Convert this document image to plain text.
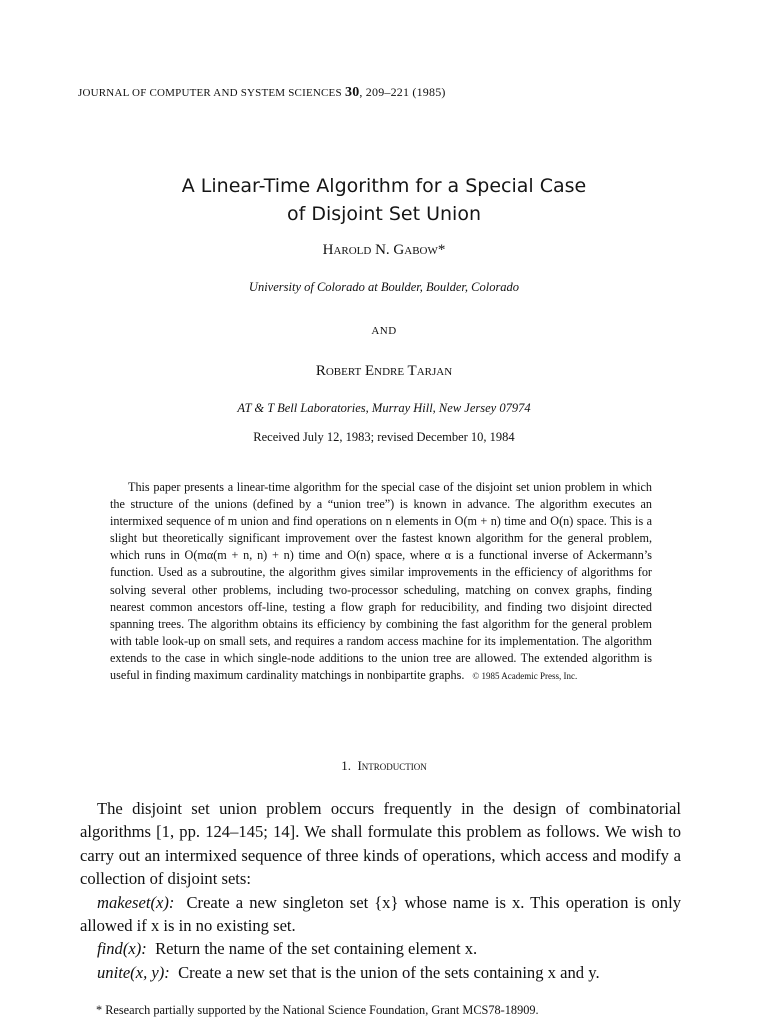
JOURNAL OF COMPUTER AND SYSTEM SCIENCES 30, 209–221 (1985)
A Linear-Time Algorithm for a Special Case
of Disjoint Set Union
Harold N. Gabow*
University of Colorado at Boulder, Boulder, Colorado
AND
Robert Endre Tarjan
AT & T Bell Laboratories, Murray Hill, New Jersey 07974
Received July 12, 1983; revised December 10, 1984

This paper presents a linear-time algorithm for the special case of the disjoint set union problem in which the structure of the unions (defined by a “union tree”) is known in advance. The algorithm executes an intermixed sequence of m union and find operations on n elements in O(m + n) time and O(n) space. This is a slight but theoretically significant improvement over the fastest known algorithm for the general problem, which runs in O(mα(m + n, n) + n) time and O(n) space, where α is a functional inverse of Ackermann’s function. Used as a subroutine, the algorithm gives similar improvements in the efficiency of algorithms for solving several other problems, including two-processor scheduling, matching on convex graphs, finding nearest common ancestors off-line, testing a flow graph for reducibility, and finding two disjoint directed spanning trees. The algorithm obtains its efficiency by combining the fast algorithm for the general problem with table look-up on small sets, and requires a random access machine for its implementation. The algorithm extends to the case in which single-node additions to the union tree are allowed. The extended algorithm is useful in finding maximum cardinality matchings in nonbipartite graphs. © 1985 Academic Press, Inc.

1. Introduction

The disjoint set union problem occurs frequently in the design of combinatorial algorithms [1, pp. 124–145; 14]. We shall formulate this problem as follows. We wish to carry out an intermixed sequence of three kinds of operations, which access and modify a collection of disjoint sets:

makeset(x): Create a new singleton set {x} whose name is x. This operation is only allowed if x is in no existing set.

find(x): Return the name of the set containing element x.

unite(x, y): Create a new set that is the union of the sets containing x and y.

* Research partially supported by the National Science Foundation, Grant MCS78-18909.
